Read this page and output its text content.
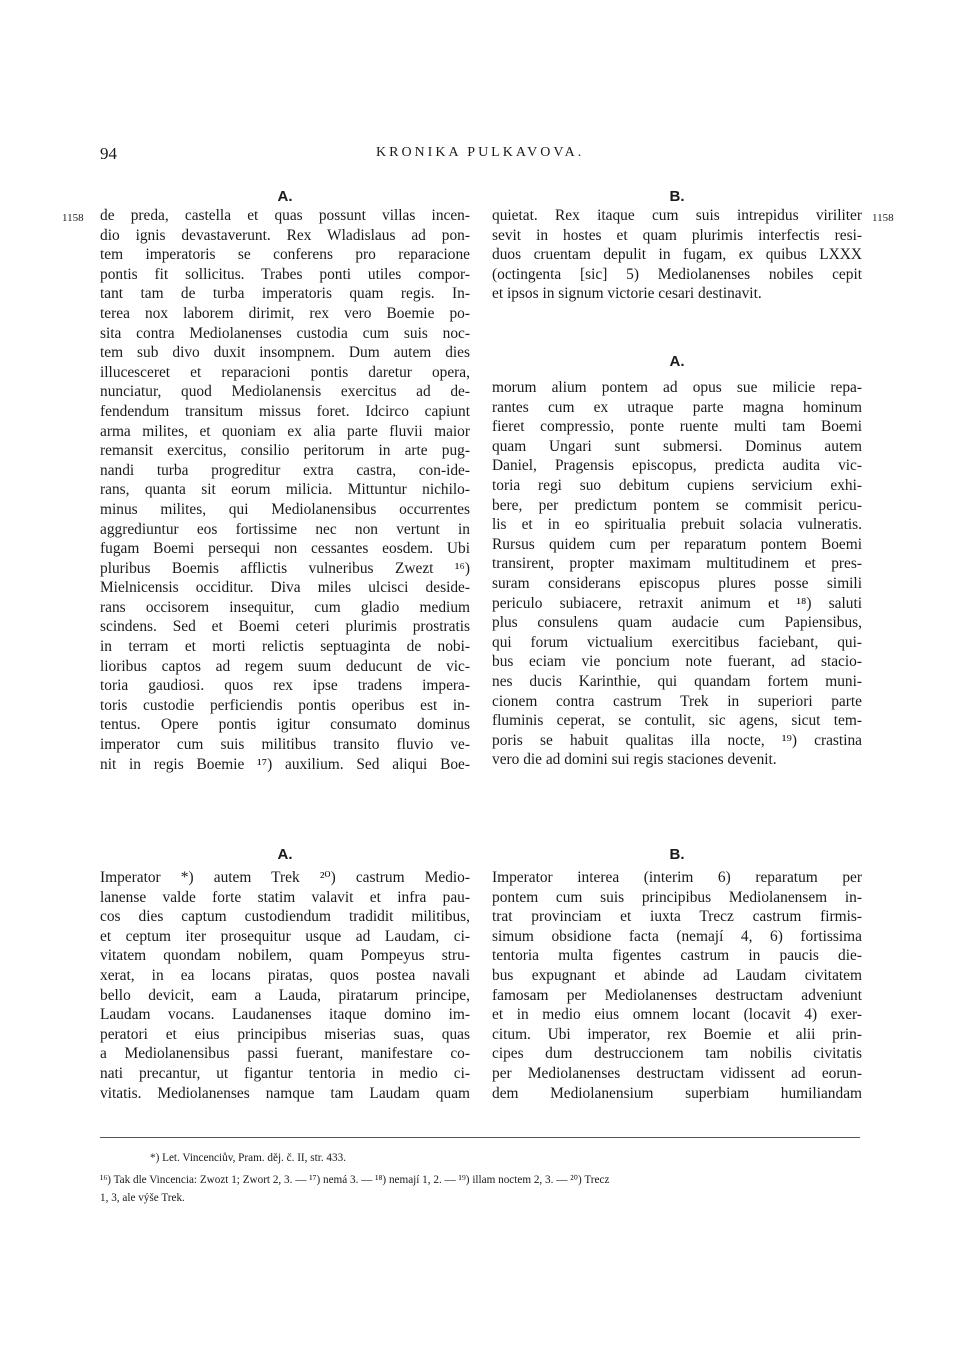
94	KRONIKA PULKAVOVA.
A.	B.
1158	1158
de preda, castella et quas possunt villas incen-
dio ignis devastaverunt. Rex Wladislaus ad pon-
tem imperatoris se conferens pro reparacione
pontis fit sollicitus. Trabes ponti utiles compor-
tant tam de turba imperatoris quam regis. In-
terea nox laborem dirimit, rex vero Boemie po-
sita contra Mediolanenses custodia cum suis noc-
tem sub divo duxit insompnem. Dum autem dies
illucesceret et reparacioni pontis daretur opera,
nunciatur, quod Mediolanensis exercitus ad de-
fendendum transitum missus foret. Idcirco capiunt
arma milites, et quoniam ex alia parte fluvii maior
remansit exercitus, consilio peritorum in arte pug-
nandi turba progreditur extra castra, con-ide-
rans, quanta sit eorum milicia. Mittuntur nichilo-
minus milites, qui Mediolanensibus occurrentes
aggrediuntur eos fortissime nec non vertunt in
fugam Boemi persequi non cessantes eosdem. Ubi
pluribus Boemis afflictis vulneribus Zwezt ¹⁶)
Mielnicensis occiditur. Diva miles ulcisci deside-
rans occisorem insequitur, cum gladio medium
scindens. Sed et Boemi ceteri plurimis prostratis
in terram et morti relictis septuaginta de nobi-
lioribus captos ad regem suum deducunt de vic-
toria gaudiosi. quos rex ipse tradens impera-
toris custodie perficiendis pontis operibus est in-
tentus. Opere pontis igitur consumato dominus
imperator cum suis militibus transito fluvio ve-
nit in regis Boemie ¹⁷) auxilium. Sed aliqui Boe-
quietat. Rex itaque cum suis intrepidus viriliter
sevit in hostes et quam plurimis interfectis resi-
duos cruentam depulit in fugam, ex quibus LXXX
(octingenta [sic] 5) Mediolanenses nobiles cepit
et ipsos in signum victorie cesari destinavit.
A.
morum alium pontem ad opus sue milicie repa-
rantes cum ex utraque parte magna hominum
fieret compressio, ponte ruente multi tam Boemi
quam Ungari sunt submersi. Dominus autem
Daniel, Pragensis episcopus, predicta audita vic-
toria regi suo debitum cupiens servicium exhi-
bere, per predictum pontem se commisit pericu-
lis et in eo spiritualia prebuit solacia vulneratis.
Rursus quidem cum per reparatum pontem Boemi
transirent, propter maximam multitudinem et pres-
suram considerans episcopus plures posse simili
periculo subiacere, retraxit animum et ¹⁸) saluti
plus consulens quam audacie cum Papiensibus,
qui forum victualium exercitibus faciebant, qui-
bus eciam vie poncium note fuerant, ad stacio-
nes ducis Karinthie, qui quandam fortem muni-
cionem contra castrum Trek in superiori parte
fluminis ceperat, se contulit, sic agens, sicut tem-
poris se habuit qualitas illa nocte, ¹⁹) crastina
vero die ad domini sui regis staciones devenit.
A.	B.
Imperator *) autem Trek ²⁰) castrum Medio-
lanense valde forte statim valavit et infra pau-
cos dies captum custodiendum tradidit militibus,
et ceptum iter prosequitur usque ad Laudam, ci-
vitatem quondam nobilem, quam Pompeyus stru-
xerat, in ea locans piratas, quos postea navali
bello devicit, eam a Lauda, piratarum principe,
Laudam vocans. Laudanenses itaque domino im-
peratori et eius principibus miserias suas, quas
a Mediolanensibus passi fuerant, manifestare co-
nati precantur, ut figantur tentoria in medio ci-
vitatis. Mediolanenses namque tam Laudam quam
Imperator interea (interim 6) reparatum per
pontem cum suis principibus Mediolanensem in-
trat provinciam et iuxta Trecz castrum firmis-
simum obsidione facta (nemají 4, 6) fortissima
tentoria multa figentes castrum in paucis die-
bus expugnant et abinde ad Laudam civitatem
famosam per Mediolanenses destructam adveniunt
et in medio eius omnem locant (locavit 4) exer-
citum. Ubi imperator, rex Boemie et alii prin-
cipes dum destruccionem tam nobilis civitatis
per Mediolanenses destructam vidissent ad eorun-
dem Mediolanensium superbiam humiliandam
*) Let. Vincenciův, Pram. děj. č. II, str. 433.
¹⁶) Tak dle Vincencia: Zwozt 1; Zwort 2, 3. — ¹⁷) nemá 3. — ¹⁸) nemají 1, 2. — ¹⁹) illam noctem 2, 3. — ²⁰) Trecz
1, 3, ale výše Trek.
